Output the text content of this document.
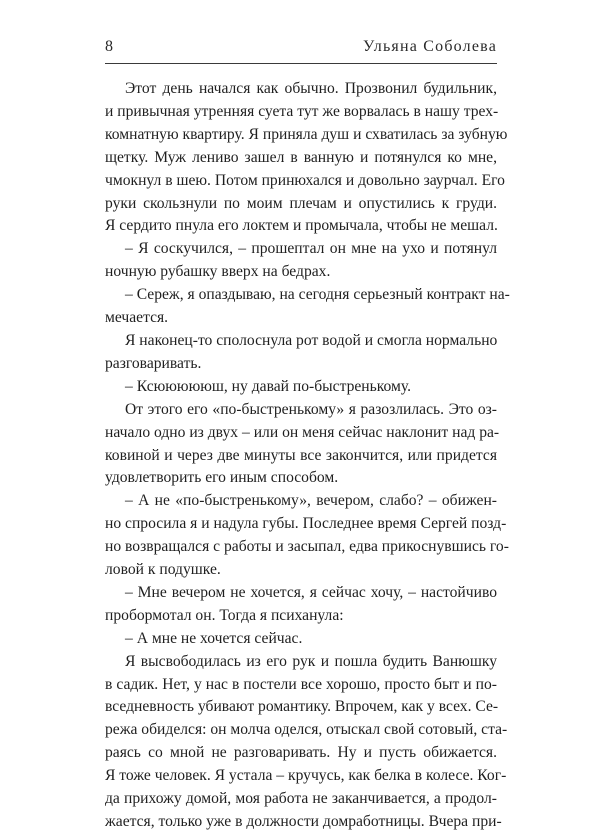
8	Ульяна Соболева
Этот день начался как обычно. Прозвонил будильник,
и привычная утренняя суета тут же ворвалась в нашу трех-
комнатную квартиру. Я приняла душ и схватилась за зубную
щетку. Муж лениво зашел в ванную и потянулся ко мне,
чмокнул в шею. Потом принюхался и довольно заурчал. Его
руки скользнули по моим плечам и опустились к груди.
Я сердито пнула его локтем и промычала, чтобы не мешал.
– Я соскучился, – прошептал он мне на ухо и потянул
ночную рубашку вверх на бедрах.
– Сереж, я опаздываю, на сегодня серьезный контракт на-
мечается.
Я наконец-то сполоснула рот водой и смогла нормально
разговаривать.
– Ксюююююш, ну давай по-быстренькому.
От этого его «по-быстренькому» я разозлилась. Это оз-
начало одно из двух – или он меня сейчас наклонит над ра-
ковиной и через две минуты все закончится, или придется
удовлетворить его иным способом.
– А не «по-быстренькому», вечером, слабо? – обижен-
но спросила я и надула губы. Последнее время Сергей позд-
но возвращался с работы и засыпал, едва прикоснувшись го-
ловой к подушке.
– Мне вечером не хочется, я сейчас хочу, – настойчиво
пробормотал он. Тогда я психанула:
– А мне не хочется сейчас.
Я высвободилась из его рук и пошла будить Ванюшку
в садик. Нет, у нас в постели все хорошо, просто быт и по-
вседневность убивают романтику. Впрочем, как у всех. Се-
режа обиделся: он молча оделся, отыскал свой сотовый, ста-
раясь со мной не разговаривать. Ну и пусть обижается.
Я тоже человек. Я устала – кручусь, как белка в колесе. Ког-
да прихожу домой, моя работа не заканчивается, а продол-
жается, только уже в должности домработницы. Вчера при-
